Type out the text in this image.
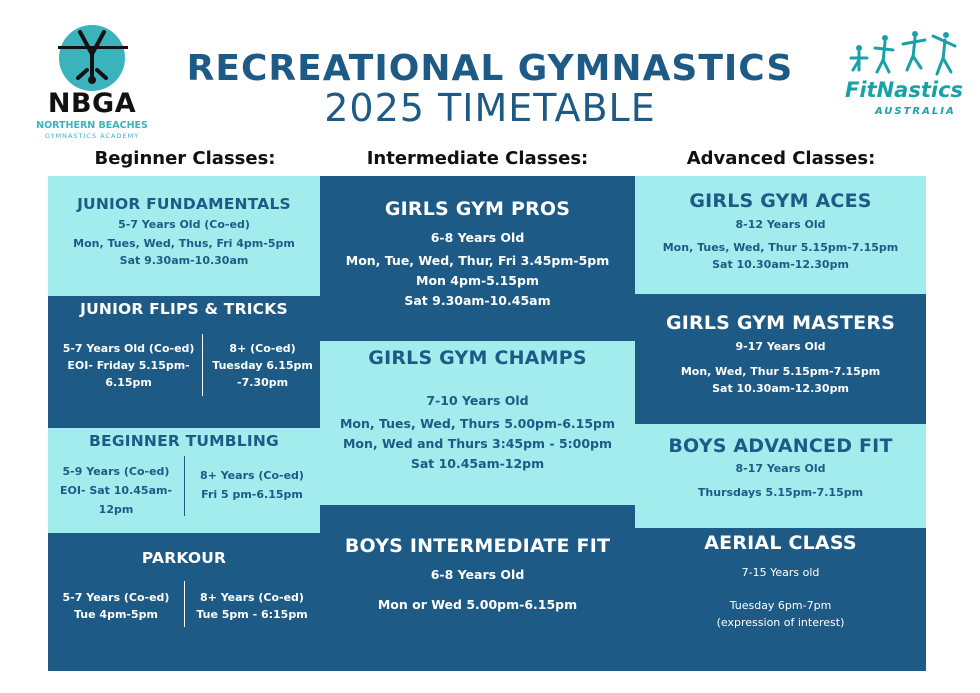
NBGA
NORTHERN BEACHES
GYMNASTICS ACADEMY
FitNastics
AUSTRALIA
RECREATIONAL GYMNASTICS
2025 TIMETABLE
Beginner Classes:	Intermediate Classes:	Advanced Classes:
JUNIOR FUNDAMENTALS
5-7 Years Old (Co-ed)
Mon, Tues, Wed, Thus, Fri 4pm-5pm
Sat 9.30am-10.30am
JUNIOR FLIPS & TRICKS
5-7 Years Old (Co-ed)
EOI- Friday 5.15pm-
6.15pm
8+ (Co-ed)
Tuesday 6.15pm
-7.30pm
BEGINNER TUMBLING
5-9 Years (Co-ed)
EOI- Sat 10.45am-
12pm
8+ Years (Co-ed)
Fri 5 pm-6.15pm
PARKOUR
5-7 Years (Co-ed)
Tue 4pm-5pm
8+ Years (Co-ed)
Tue 5pm - 6:15pm
GIRLS GYM PROS
6-8 Years Old
Mon, Tue, Wed, Thur, Fri 3.45pm-5pm
Mon 4pm-5.15pm
Sat 9.30am-10.45am
GIRLS GYM CHAMPS
7-10 Years Old
Mon, Tues, Wed, Thurs 5.00pm-6.15pm
Mon, Wed and Thurs 3:45pm - 5:00pm
Sat 10.45am-12pm
BOYS INTERMEDIATE FIT
6-8 Years Old
Mon or Wed 5.00pm-6.15pm
GIRLS GYM ACES
8-12 Years Old
Mon, Tues, Wed, Thur 5.15pm-7.15pm
Sat 10.30am-12.30pm
GIRLS GYM MASTERS
9-17 Years Old
Mon, Wed, Thur 5.15pm-7.15pm
Sat 10.30am-12.30pm
BOYS ADVANCED FIT
8-17 Years Old
Thursdays 5.15pm-7.15pm
AERIAL CLASS
7-15 Years old
Tuesday 6pm-7pm
(expression of interest)
